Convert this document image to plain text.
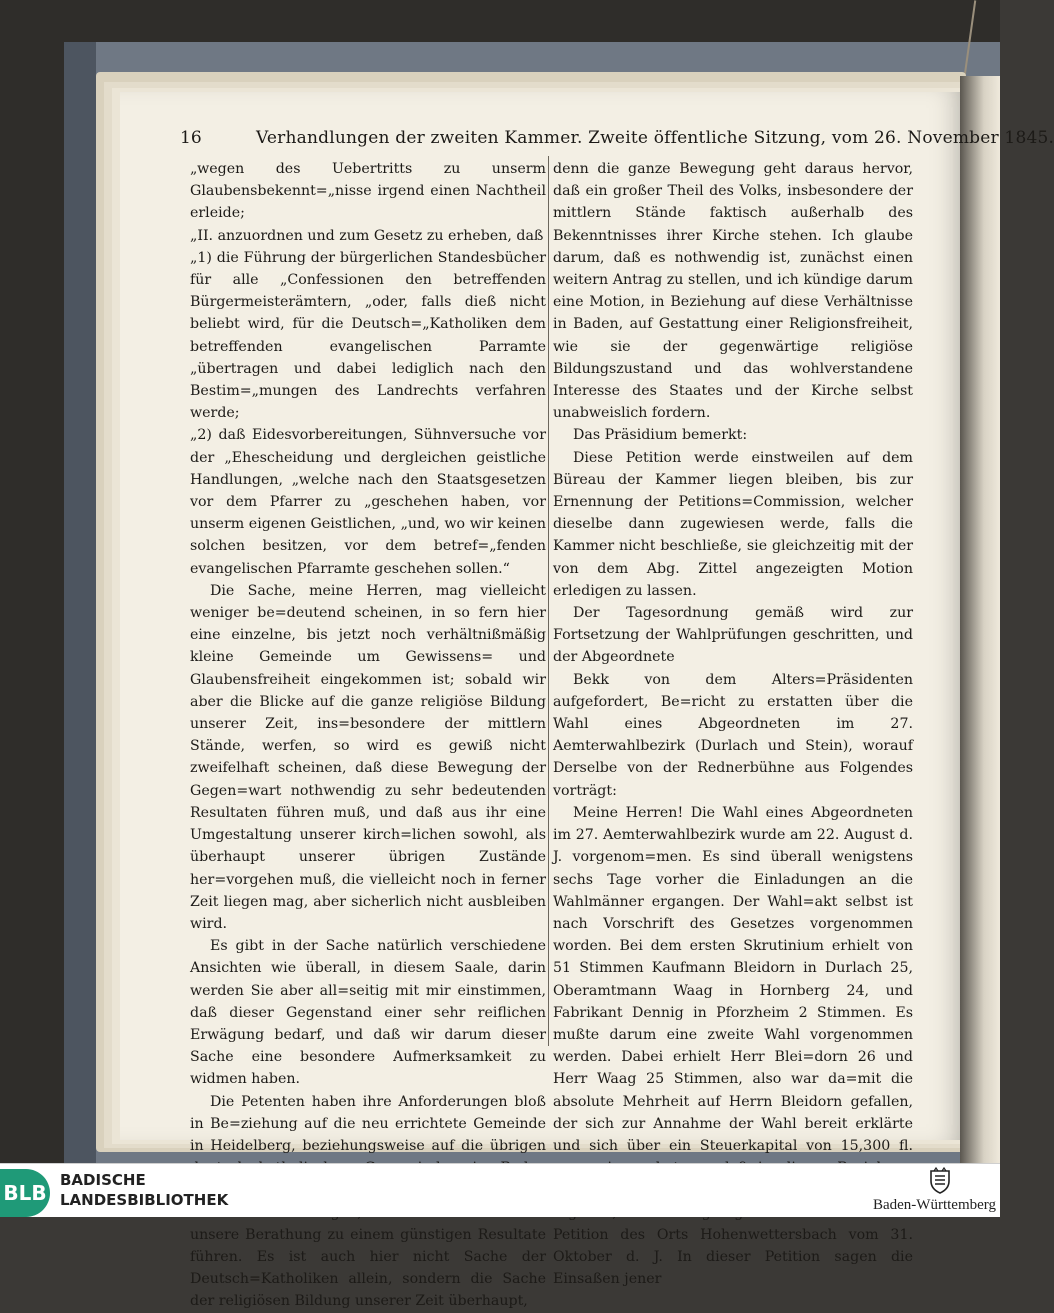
16	Verhandlungen der zweiten Kammer. Zweite öffentliche Sitzung, vom 26. November 1845.

„wegen des Uebertritts zu unserm Glaubensbekennt=„nisse irgend einen Nachtheil erleide;

„II. anzuordnen und zum Gesetz zu erheben, daß

„1) die Führung der bürgerlichen Standesbücher für alle „Confessionen den betreffenden Bürgermeisterämtern, „oder, falls dieß nicht beliebt wird, für die Deutsch=„Katholiken dem betreffenden evangelischen Parramte „übertragen und dabei lediglich nach den Bestim=„mungen des Landrechts verfahren werde;

„2) daß Eidesvorbereitungen, Sühnversuche vor der „Ehescheidung und dergleichen geistliche Handlungen, „welche nach den Staatsgesetzen vor dem Pfarrer zu „geschehen haben, vor unserm eigenen Geistlichen, „und, wo wir keinen solchen besitzen, vor dem betref=„fenden evangelischen Pfarramte geschehen sollen.“

Die Sache, meine Herren, mag vielleicht weniger be=deutend scheinen, in so fern hier eine einzelne, bis jetzt noch verhältnißmäßig kleine Gemeinde um Gewissens= und Glaubensfreiheit eingekommen ist; sobald wir aber die Blicke auf die ganze religiöse Bildung unserer Zeit, ins=besondere der mittlern Stände, werfen, so wird es gewiß nicht zweifelhaft scheinen, daß diese Bewegung der Gegen=wart nothwendig zu sehr bedeutenden Resultaten führen muß, und daß aus ihr eine Umgestaltung unserer kirch=lichen sowohl, als überhaupt unserer übrigen Zustände her=vorgehen muß, die vielleicht noch in ferner Zeit liegen mag, aber sicherlich nicht ausbleiben wird.

Es gibt in der Sache natürlich verschiedene Ansichten wie überall, in diesem Saale, darin werden Sie aber all=seitig mit mir einstimmen, daß dieser Gegenstand einer sehr reiflichen Erwägung bedarf, und daß wir darum dieser Sache eine besondere Aufmerksamkeit zu widmen haben.

Die Petenten haben ihre Anforderungen bloß in Be=ziehung auf die neu errichtete Gemeinde in Heidelberg, beziehungsweise auf die übrigen unsere Berathung zu einem günstigen Resultate führen. Es ist auch hier nicht Sache der Deutsch=Katholiken allein, sondern die Sache der religiösen Bildung unserer Zeit überhaupt,

denn die ganze Bewegung geht daraus hervor, daß ein großer Theil des Volks, insbesondere der mittlern Stände faktisch außerhalb des Bekenntnisses ihrer Kirche stehen. Ich glaube darum, daß es nothwendig ist, zunächst einen weitern Antrag zu stellen, und ich kündige darum eine Motion, in Beziehung auf diese Verhältnisse in Baden, auf Gestattung einer Religionsfreiheit, wie sie der gegenwärtige religiöse Bildungszustand und das wohlverstandene Interesse des Staates und der Kirche selbst unabweislich fordern.

Das Präsidium bemerkt:

Diese Petition werde einstweilen auf dem Büreau der Kammer liegen bleiben, bis zur Ernennung der Petitions=Commission, welcher dieselbe dann zugewiesen werde, falls die Kammer nicht beschließe, sie gleichzeitig mit der von dem Abg. Zittel angezeigten Motion erledigen zu lassen.

Der Tagesordnung gemäß wird zur Fortsetzung der Wahlprüfungen geschritten, und der Abgeordnete

Bekk von dem Alters=Präsidenten aufgefordert, Be=richt zu erstatten über die Wahl eines Abgeordneten im 27. Aemterwahlbezirk (Durlach und Stein), worauf Derselbe von der Rednerbühne aus Folgendes vorträgt:

Meine Herren! Die Wahl eines Abgeordneten im 27. Aemterwahlbezirk wurde am 22. August d. J. vorgenom=men. Es sind überall wenigstens sechs Tage vorher die Einladungen an die Wahlmänner ergangen. Der Wahl=akt selbst ist nach Vorschrift des Gesetzes vorgenommen worden. Bei dem ersten Skrutinium erhielt von 51 Stimmen Kaufmann Bleidorn in Durlach 25, Oberamtmann Waag in Hornberg 24, und Fabrikant Dennig in Pforzheim 2 Stimmen. Es mußte darum eine zweite Wahl vorgenommen werden. Dabei erhielt Herr Blei=dorn 26 und Herr Waag 25 Stimmen, also war da=mit die absolute Mehrheit auf Herrn Bleidorn gefallen, der sich zur Annahme der Wahl bereit erklärte und sich über ein Steuerkapital von 15,300 fl. Petition des Orts Hohenwettersbach vom 31. Oktober d. J. In dieser Petition sagen die Einsaßen jener

BLB
BADISCHE
LANDESBIBLIOTHEK	Baden-Württemberg
